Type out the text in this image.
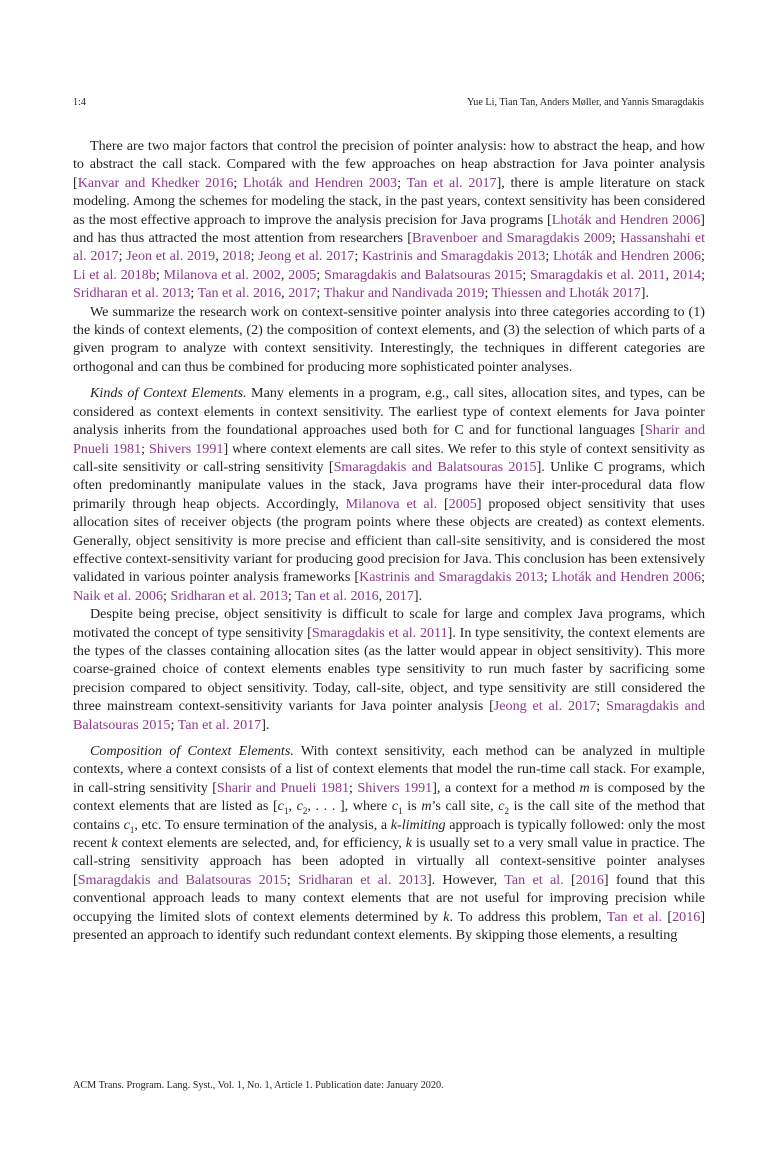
1:4	Yue Li, Tian Tan, Anders Møller, and Yannis Smaragdakis

There are two major factors that control the precision of pointer analysis: how to abstract the heap, and how to abstract the call stack. Compared with the few approaches on heap abstraction for Java pointer analysis [Kanvar and Khedker 2016; Lhoták and Hendren 2003; Tan et al. 2017], there is ample literature on stack modeling. Among the schemes for modeling the stack, in the past years, context sensitivity has been considered as the most effective approach to improve the analysis precision for Java programs [Lhoták and Hendren 2006] and has thus attracted the most attention from researchers [Bravenboer and Smaragdakis 2009; Hassanshahi et al. 2017; Jeon et al. 2019, 2018; Jeong et al. 2017; Kastrinis and Smaragdakis 2013; Lhoták and Hendren 2006; Li et al. 2018b; Milanova et al. 2002, 2005; Smaragdakis and Balatsouras 2015; Smaragdakis et al. 2011, 2014; Sridharan et al. 2013; Tan et al. 2016, 2017; Thakur and Nandivada 2019; Thiessen and Lhoták 2017].

We summarize the research work on context-sensitive pointer analysis into three categories according to (1) the kinds of context elements, (2) the composition of context elements, and (3) the selection of which parts of a given program to analyze with context sensitivity. Interestingly, the techniques in different categories are orthogonal and can thus be combined for producing more sophisticated pointer analyses.

Kinds of Context Elements. Many elements in a program, e.g., call sites, allocation sites, and types, can be considered as context elements in context sensitivity. The earliest type of context elements for Java pointer analysis inherits from the foundational approaches used both for C and for functional languages [Sharir and Pnueli 1981; Shivers 1991] where context elements are call sites. We refer to this style of context sensitivity as call-site sensitivity or call-string sensitivity [Smaragdakis and Balatsouras 2015]. Unlike C programs, which often predominantly manipulate values in the stack, Java programs have their inter-procedural data flow primarily through heap objects. Accordingly, Milanova et al. [2005] proposed object sensitivity that uses allocation sites of receiver objects (the program points where these objects are created) as context elements. Generally, object sensitivity is more precise and efficient than call-site sensitivity, and is considered the most effective context-sensitivity variant for producing good precision for Java. This conclusion has been extensively validated in various pointer analysis frameworks [Kastrinis and Smaragdakis 2013; Lhoták and Hendren 2006; Naik et al. 2006; Sridharan et al. 2013; Tan et al. 2016, 2017].

Despite being precise, object sensitivity is difficult to scale for large and complex Java programs, which motivated the concept of type sensitivity [Smaragdakis et al. 2011]. In type sensitivity, the context elements are the types of the classes containing allocation sites (as the latter would appear in object sensitivity). This more coarse-grained choice of context elements enables type sensitivity to run much faster by sacrificing some precision compared to object sensitivity. Today, call-site, object, and type sensitivity are still considered the three mainstream context-sensitivity variants for Java pointer analysis [Jeong et al. 2017; Smaragdakis and Balatsouras 2015; Tan et al. 2017].

Composition of Context Elements. With context sensitivity, each method can be analyzed in multiple contexts, where a context consists of a list of context elements that model the run-time call stack. For example, in call-string sensitivity [Sharir and Pnueli 1981; Shivers 1991], a context for a method m is composed by the context elements that are listed as [$c_1$, $c_2$, . . . ], where $c_1$ is m’s call site, $c_2$ is the call site of the method that contains $c_1$, etc. To ensure termination of the analysis, a k-limiting approach is typically followed: only the most recent k context elements are selected, and, for efficiency, k is usually set to a very small value in practice. The call-string sensitivity approach has been adopted in virtually all context-sensitive pointer analyses [Smaragdakis and Balatsouras 2015; Sridharan et al. 2013]. However, Tan et al. [2016] found that this conventional approach leads to many context elements that are not useful for improving precision while occupying the limited slots of context elements determined by k. To address this problem, Tan et al. [2016] presented an approach to identify such redundant context elements. By skipping those elements, a resulting

ACM Trans. Program. Lang. Syst., Vol. 1, No. 1, Article 1. Publication date: January 2020.
